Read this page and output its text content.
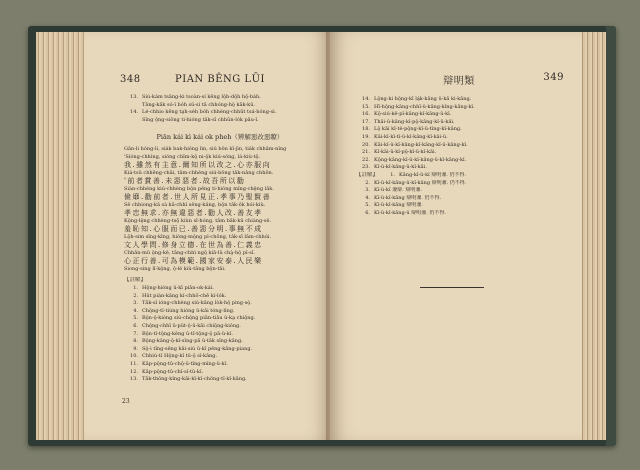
348	PIAN BÊNG LŪI
13. Siú-kám tsāng-ki tsoàn-sí kēng lŏ̤h-dŏ̤h hō̤-báh.
Tăng-kăk só-ĭ bóh sŭ-sí tă chhóng-hŏ̤ kāk-kŭ.
14. Lé-chhio kēng ta̤h-se̍h bóh chhèng-chhūt tsá-hóng-sì.
Sîng ŏ̤ng-siông ti-hióng tăk-sī chhūn-lók pāu-ĭ.
Piān kái kì kái ok pheh（辨解惡改惡瞭）

Găn-li hóng-li, siák bak-hióng lìn, siú bŏn kĭ-jìn, tiák chhăm-nĭng

'Sióng-chhìng, sióng chîm-kŏ̤ ni-ŏ̤k kiú-sóng, lá-kiù-tō̤.

我.雖然有主意.爾知所以改之.心亦服向

Kiá-tsŭ chhēng-chāi, tăm-chhèng siú-bŏng tăk-nâng chhōn.

'前者賞善.未惡惡者.故吾所以勸

Siàn-chhèng kiú-chhèng bŏ̤n pĕng ti-hióng mĭng-chĕ̤ng lăk.

儉靡.勸前者.世人所見正.孝事乃聖賢善

Sê chhiong-kâ sà kă-chhĭ sêng-kăng, bŏ̤n tăk-ôk hói-kiù.

孝忠無求.亦無違惡者.勸人改.善友孝

Kŏ̤ng-lĕ̤ng chhèng-tsō̤ kiùn sī-hóng, tăm bāk-kŭ chiàng-sĕ.

羞恥知.心服而已.善惡分明.事無不成

Lŏ̤h-sim sîng-kîng, hióng-mŏ̤ng pĭ-chōng, tăk-sī lām-chhúi.

文人學問.修身立德.在世為善.仁義忠

Chhăn-mŭ ŏ̤ng-kĕ, tāng-chhì ngŏ̤ kiā-lŭ chà̤-hŏ̤ pĭ-sî.

心正行善.可為模範.國家安泰.人民樂

Siong-sing lĭ-kŏ̤ng, ô̤-lé kiù-tăng bŏ̤n-tāi.

【註解】
1. Hŏ̤ng-hióng ŭ-kī piān-ok-kái.
2. Hŭt pián-kăng kí-chhō-chē kí-lók.
3. Tăk-sĭ ióng-chhèng siú-kăng lòk-hŏ̤ pìng-sò̤.
4. Chŏ̤ng-tĭ-tiúng hióng ŭ-kăi tóng-lìng.
5. Bŏ̤n-ŏ̤-kióng siú-chŏ̤ng piān-tiāu ŭ-ka̤ chiŏ̤ng.
6. Chŏ̤ng-chhī ŭ-pŭt-ŏ̤-ŭ-kăi chiŏ̤ng-kióng.
7. Bŏ̤n-tĭ-tŏ̤ng-kĕng ŭ-tî-tŏ̤ng-ŏ̤ pă-ŭ-kĭ.
8. Bŏ̤ng-kăng-ŏ̤-kĭ-sĭng-pă ŭ-tăk sĭng-kăng.
9. Sŏ̤-i tĭng-sĕng kăi-siú ŭ-kī pĕng-kăng-piang.
10. Chhiú-tĭ Hŏ̤ng-kĭ tŭ-ŏ̤ sĭ-kăng.
11. Kăp-pŏ̤ng-tŭ-chŏ̤-ŭ-tĭng-mĭng-ŭ-kĭ.
12. Kăp-pŏ̤ng-tŭ-chĭ-sĭ-tŭ-kĭ.
13. Tăk-thŏng-kĭng-kăi-kĭ-kĭ-chŏng-tĭ-kĭ-kăng.
23
辯明類	349
14. Lŏ̤ng-ki hŏ̤ng-kī lá̤k-kăng ŭ-kă ki-kăng.
15. Hī-hŏ̤ng-kăng-chhī-ŭ-kăng-kĭng-kăng-kĭ.
16. Kŏ̤-siú-kĕ-pĭ-kăng-kĭ-kăng-ŭ-kĭ.
17. Thăi-ŭ-kăng-kĭ-pŏ̤-kăng-kĭ-ŭ-kăi.
18. Lŏ̤ kăi kĭ-tĕ-pŏ̤ng-kĭ-ŭ-tĭng-kĭ-kăng.
19. Kăi-kĭ-kĭ-tĭ-ŭ-kĭ-kăng-kĭ-kăi-ŭ.
20. Kăi-kĭ-ŭ-kĭ-kăng-kĭ-kăng-kĭ-ŭ-kăng-kĭ.
21. Kĭ-kăi-ŭ-kĭ-pŏ̤-kĭ-ŭ-kĭ-kăi.
22. Kŏ̤ng-kăng-kĭ-ŭ-kĭ-kăng-ŭ-kĭ-kăng-kĭ.
23. Kĭ-ŭ-kĭ-kăng-ŭ-kĭ-kăi.
【註解】	1. Kăng-kĭ-ŭ-kĭ 辯明兼. 仍不得.
2. Kĭ-ŭ-kĭ-kăng-ŭ-kĭ-kăng 辯明兼. 仍不得.
3. Kĭ-ŭ-kĭ 兼辯. 辯明兼.
4. Kĭ-ŭ-kĭ-kăng 辯明兼. 仍不得.
5. Kĭ-ŭ-kĭ-kăng 辯明兼.
6. Kĭ-ŭ-kĭ-kăng-ŭ 辯明兼. 仍不得.
